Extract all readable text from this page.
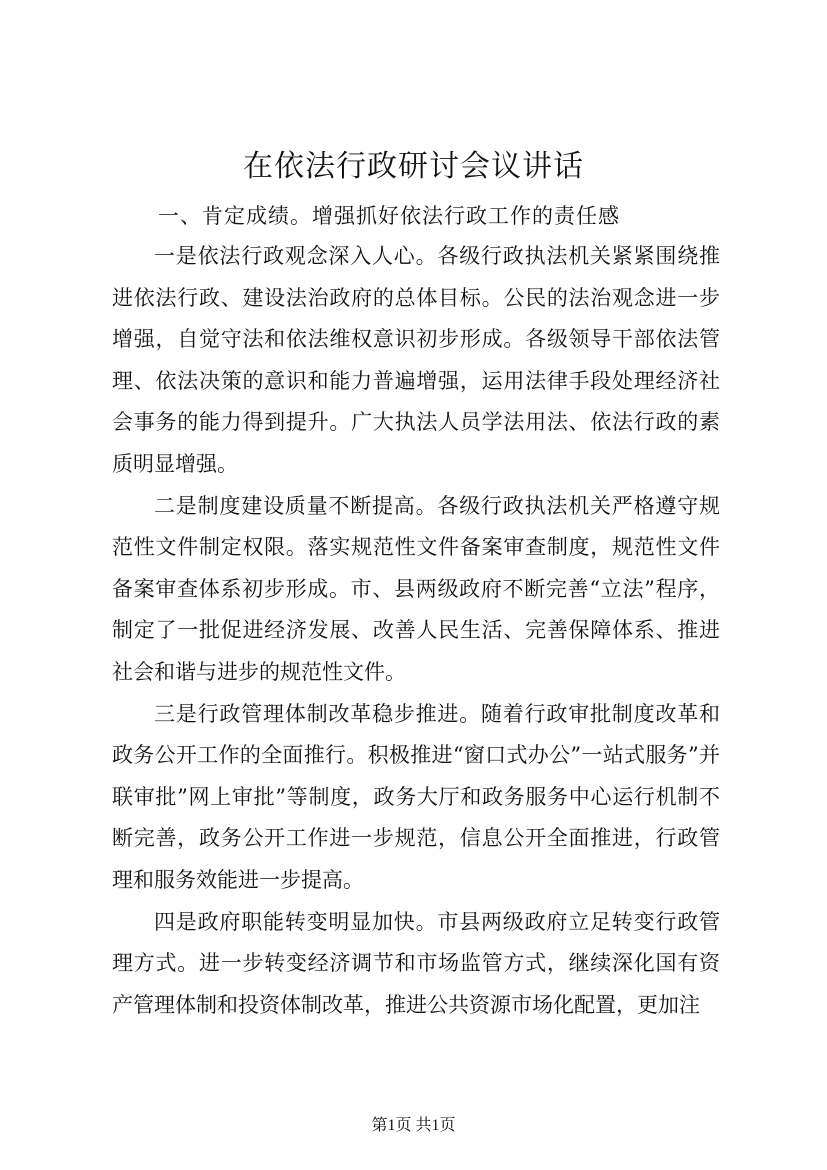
在依法行政研讨会议讲话
一、肯定成绩。增强抓好依法行政工作的责任感

一是依法行政观念深入人心。各级行政执法机关紧紧围绕推进依法行政、建设法治政府的总体目标。公民的法治观念进一步增强，自觉守法和依法维权意识初步形成。各级领导干部依法管理、依法决策的意识和能力普遍增强，运用法律手段处理经济社会事务的能力得到提升。广大执法人员学法用法、依法行政的素质明显增强。

二是制度建设质量不断提高。各级行政执法机关严格遵守规范性文件制定权限。落实规范性文件备案审查制度，规范性文件备案审查体系初步形成。市、县两级政府不断完善“立法”程序，制定了一批促进经济发展、改善人民生活、完善保障体系、推进社会和谐与进步的规范性文件。

三是行政管理体制改革稳步推进。随着行政审批制度改革和政务公开工作的全面推行。积极推进“窗口式办公”一站式服务”并联审批”网上审批”等制度，政务大厅和政务服务中心运行机制不断完善，政务公开工作进一步规范，信息公开全面推进，行政管理和服务效能进一步提高。

四是政府职能转变明显加快。市县两级政府立足转变行政管理方式。进一步转变经济调节和市场监管方式，继续深化国有资产管理体制和投资体制改革，推进公共资源市场化配置，更加注

第1页 共1页
